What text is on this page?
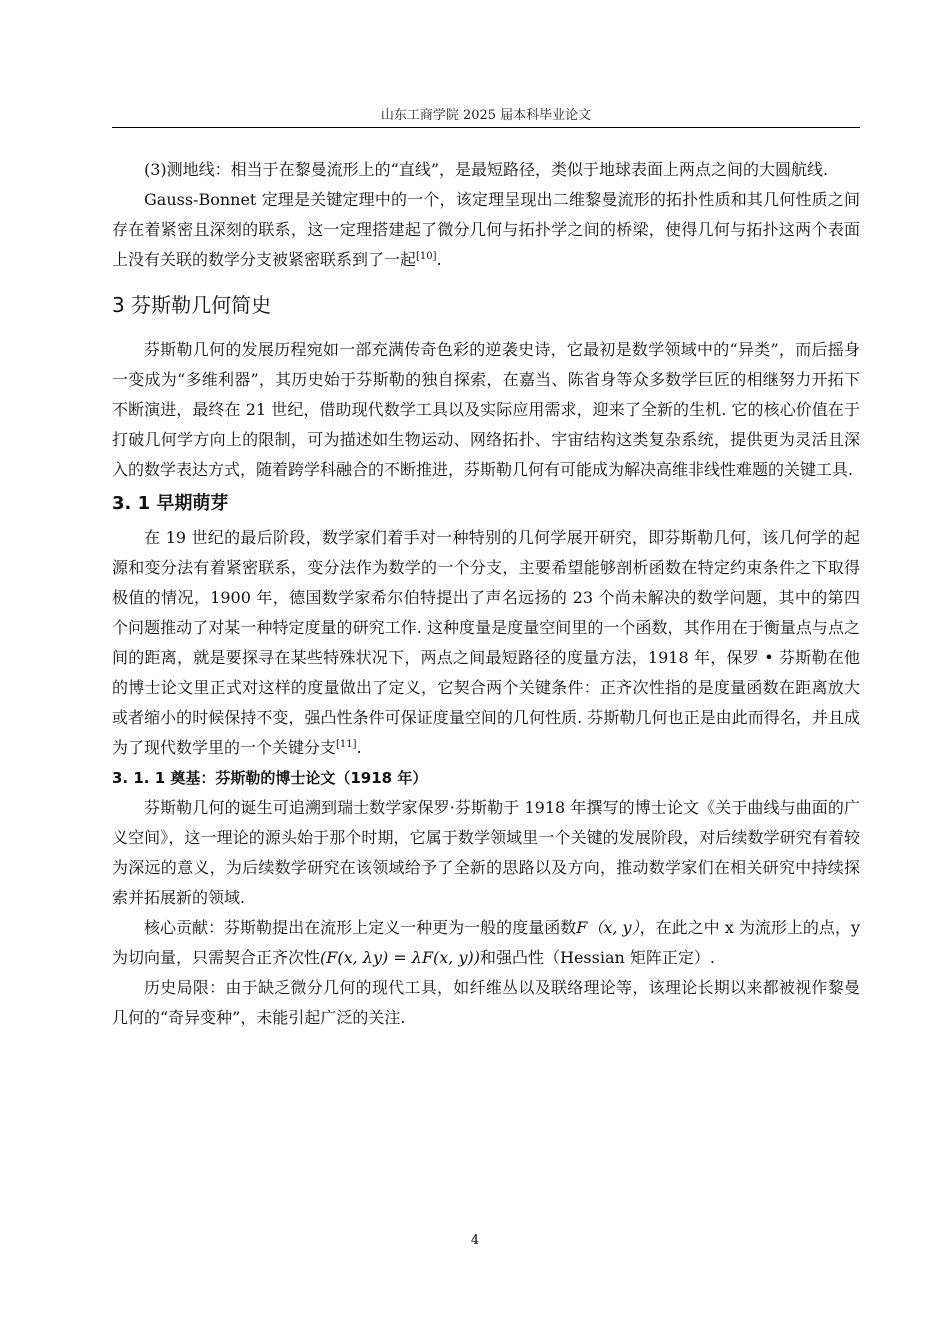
山东工商学院 2025 届本科毕业论文

(3)测地线：相当于在黎曼流形上的“直线”，是最短路径，类似于地球表面上两点之间的大圆航线.

Gauss-Bonnet 定理是关键定理中的一个，该定理呈现出二维黎曼流形的拓扑性质和其几何性质之间存在着紧密且深刻的联系，这一定理搭建起了微分几何与拓扑学之间的桥梁，使得几何与拓扑这两个表面上没有关联的数学分支被紧密联系到了一起[10].

3 芬斯勒几何简史

芬斯勒几何的发展历程宛如一部充满传奇色彩的逆袭史诗，它最初是数学领域中的“异类”，而后摇身一变成为“多维利器”，其历史始于芬斯勒的独自探索，在嘉当、陈省身等众多数学巨匠的相继努力开拓下不断演进，最终在 21 世纪，借助现代数学工具以及实际应用需求，迎来了全新的生机. 它的核心价值在于打破几何学方向上的限制，可为描述如生物运动、网络拓扑、宇宙结构这类复杂系统，提供更为灵活且深入的数学表达方式，随着跨学科融合的不断推进，芬斯勒几何有可能成为解决高维非线性难题的关键工具.

3. 1 早期萌芽

在 19 世纪的最后阶段，数学家们着手对一种特别的几何学展开研究，即芬斯勒几何，该几何学的起源和变分法有着紧密联系，变分法作为数学的一个分支，主要希望能够剖析函数在特定约束条件之下取得极值的情况，1900 年，德国数学家希尔伯特提出了声名远扬的 23 个尚未解决的数学问题，其中的第四个问题推动了对某一种特定度量的研究工作. 这种度量是度量空间里的一个函数，其作用在于衡量点与点之间的距离，就是要探寻在某些特殊状况下，两点之间最短路径的度量方法，1918 年，保罗 • 芬斯勒在他的博士论文里正式对这样的度量做出了定义，它契合两个关键条件：正齐次性指的是度量函数在距离放大或者缩小的时候保持不变，强凸性条件可保证度量空间的几何性质. 芬斯勒几何也正是由此而得名，并且成为了现代数学里的一个关键分支[11].

3. 1. 1 奠基：芬斯勒的博士论文（1918 年）

芬斯勒几何的诞生可追溯到瑞士数学家保罗·芬斯勒于 1918 年撰写的博士论文《关于曲线与曲面的广义空间》，这一理论的源头始于那个时期，它属于数学领域里一个关键的发展阶段，对后续数学研究有着较为深远的意义，为后续数学研究在该领域给予了全新的思路以及方向，推动数学家们在相关研究中持续探索并拓展新的领域.

核心贡献：芬斯勒提出在流形上定义一种更为一般的度量函数F（x, y），在此之中 x 为流形上的点，y 为切向量，只需契合正齐次性(F(x, λy) = λF(x, y))和强凸性（Hessian 矩阵正定）.

历史局限：由于缺乏微分几何的现代工具，如纤维丛以及联络理论等，该理论长期以来都被视作黎曼几何的“奇异变种”，未能引起广泛的关注.

4
